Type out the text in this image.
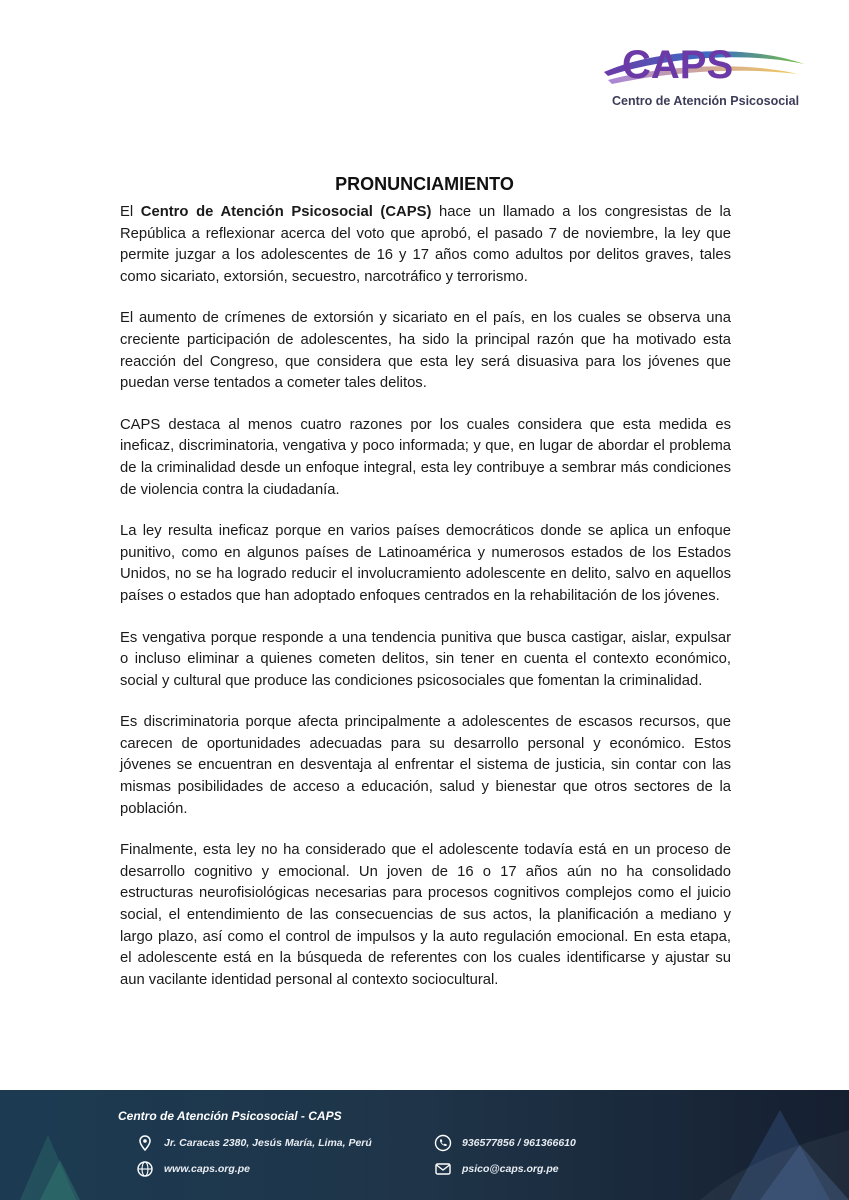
CAPS
Centro de Atención Psicosocial
PRONUNCIAMIENTO

El Centro de Atención Psicosocial (CAPS) hace un llamado a los congresistas de la República a reflexionar acerca del voto que aprobó, el pasado 7 de noviembre, la ley que permite juzgar a los adolescentes de 16 y 17 años como adultos por delitos graves, tales como sicariato, extorsión, secuestro, narcotráfico y terrorismo.

El aumento de crímenes de extorsión y sicariato en el país, en los cuales se observa una creciente participación de adolescentes, ha sido la principal razón que ha motivado esta reacción del Congreso, que considera que esta ley será disuasiva para los jóvenes que puedan verse tentados a cometer tales delitos.

CAPS destaca al menos cuatro razones por los cuales considera que esta medida es ineficaz, discriminatoria, vengativa y poco informada; y que, en lugar de abordar el problema de la criminalidad desde un enfoque integral, esta ley contribuye a sembrar más condiciones de violencia contra la ciudadanía.

La ley resulta ineficaz porque en varios países democráticos donde se aplica un enfoque punitivo, como en algunos países de Latinoamérica y numerosos estados de los Estados Unidos, no se ha logrado reducir el involucramiento adolescente en delito, salvo en aquellos países o estados que han adoptado enfoques centrados en la rehabilitación de los jóvenes.

Es vengativa porque responde a una tendencia punitiva que busca castigar, aislar, expulsar o incluso eliminar a quienes cometen delitos, sin tener en cuenta el contexto económico, social y cultural que produce las condiciones psicosociales que fomentan la criminalidad.

Es discriminatoria porque afecta principalmente a adolescentes de escasos recursos, que carecen de oportunidades adecuadas para su desarrollo personal y económico. Estos jóvenes se encuentran en desventaja al enfrentar el sistema de justicia, sin contar con las mismas posibilidades de acceso a educación, salud y bienestar que otros sectores de la población.

Finalmente, esta ley no ha considerado que el adolescente todavía está en un proceso de desarrollo cognitivo y emocional. Un joven de 16 o 17 años aún no ha consolidado estructuras neurofisiológicas necesarias para procesos cognitivos complejos como el juicio social, el entendimiento de las consecuencias de sus actos, la planificación a mediano y largo plazo, así como el control de impulsos y la auto regulación emocional. En esta etapa, el adolescente está en la búsqueda de referentes con los cuales identificarse y ajustar su aun vacilante identidad personal al contexto sociocultural.

Centro de Atención Psicosocial - CAPS
Jr. Caracas 2380, Jesús María, Lima, Perú
www.caps.org.pe
936577856 / 961366610
psico@caps.org.pe
